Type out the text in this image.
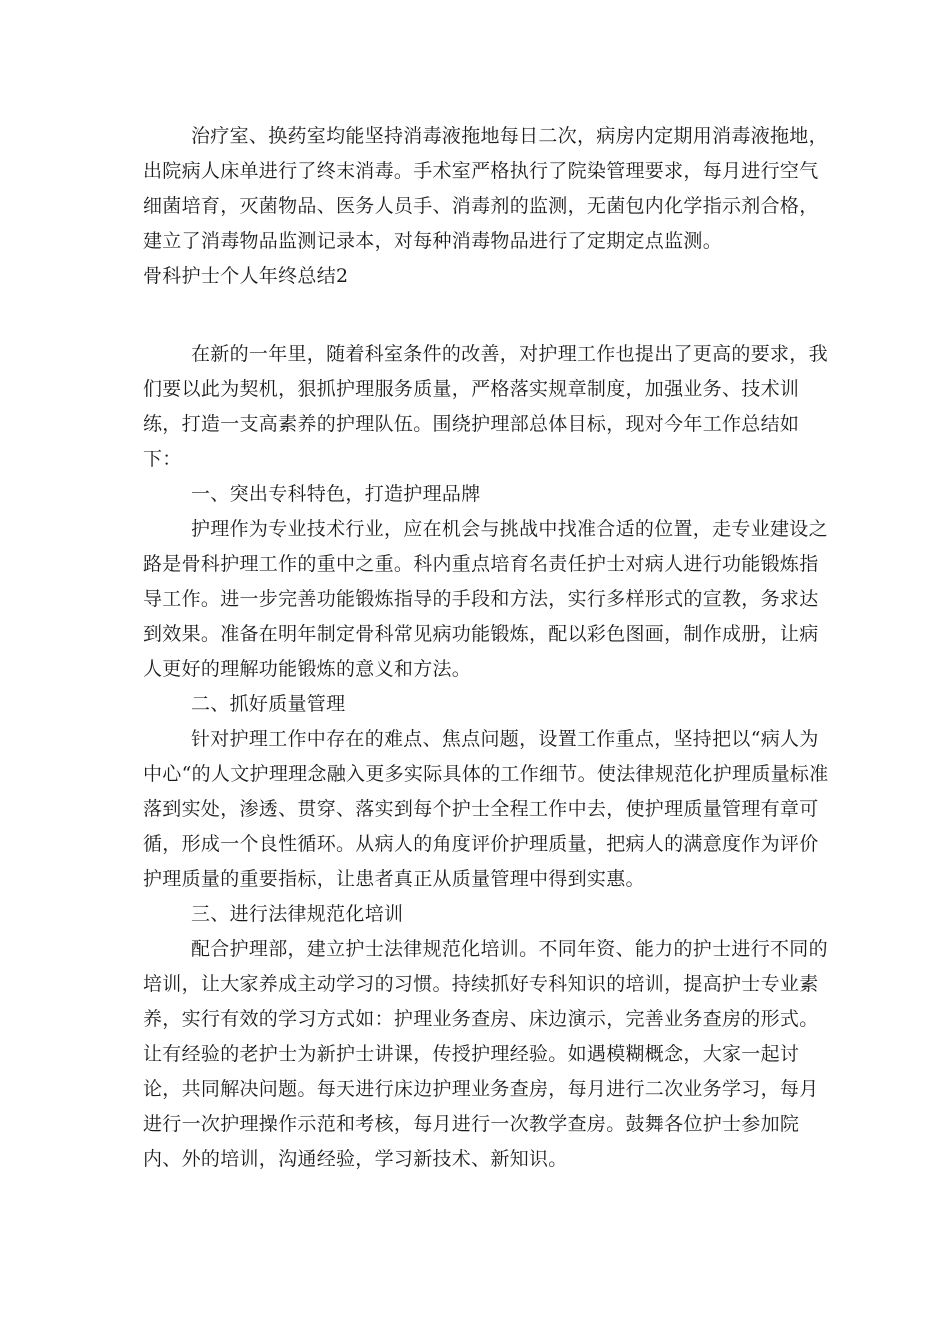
治疗室、换药室均能坚持消毒液拖地每日二次，病房内定期用消毒液拖地，出院病人床单进行了终末消毒。手术室严格执行了院染管理要求，每月进行空气细菌培育，灭菌物品、医务人员手、消毒剂的监测，无菌包内化学指示剂合格，建立了消毒物品监测记录本，对每种消毒物品进行了定期定点监测。

骨科护士个人年终总结2

在新的一年里，随着科室条件的改善，对护理工作也提出了更高的要求，我们要以此为契机，狠抓护理服务质量，严格落实规章制度，加强业务、技术训练，打造一支高素养的护理队伍。围绕护理部总体目标，现对今年工作总结如下：

一、突出专科特色，打造护理品牌

护理作为专业技术行业，应在机会与挑战中找准合适的位置，走专业建设之路是骨科护理工作的重中之重。科内重点培育名责任护士对病人进行功能锻炼指导工作。进一步完善功能锻炼指导的手段和方法，实行多样形式的宣教，务求达到效果。准备在明年制定骨科常见病功能锻炼，配以彩色图画，制作成册，让病人更好的理解功能锻炼的意义和方法。

二、抓好质量管理

针对护理工作中存在的难点、焦点问题，设置工作重点，坚持把以“病人为中心“的人文护理理念融入更多实际具体的工作细节。使法律规范化护理质量标准落到实处，渗透、贯穿、落实到每个护士全程工作中去，使护理质量管理有章可循，形成一个良性循环。从病人的角度评价护理质量，把病人的满意度作为评价护理质量的重要指标，让患者真正从质量管理中得到实惠。

三、进行法律规范化培训

配合护理部，建立护士法律规范化培训。不同年资、能力的护士进行不同的培训，让大家养成主动学习的习惯。持续抓好专科知识的培训，提高护士专业素养，实行有效的学习方式如：护理业务查房、床边演示，完善业务查房的形式。让有经验的老护士为新护士讲课，传授护理经验。如遇模糊概念，大家一起讨论，共同解决问题。每天进行床边护理业务查房，每月进行二次业务学习，每月进行一次护理操作示范和考核，每月进行一次教学查房。鼓舞各位护士参加院内、外的培训，沟通经验，学习新技术、新知识。
